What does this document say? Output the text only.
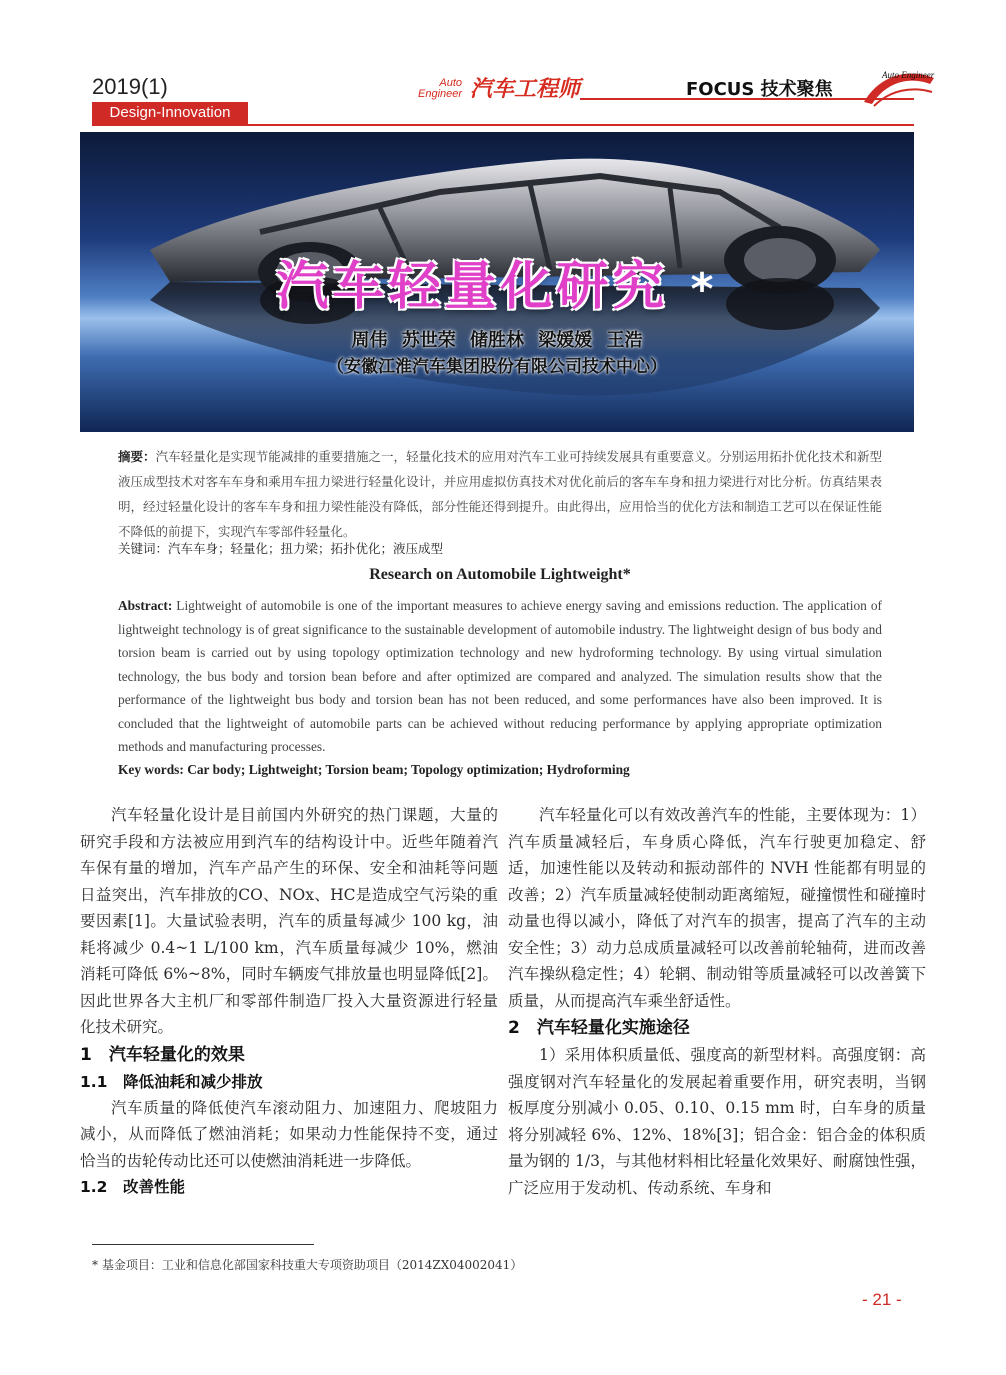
2019(1)	Auto
Engineer 汽车工程师	FOCUS 技术聚焦
Auto Engineer
Design-Innovation
汽车轻量化研究 *
周伟 苏世荣 储胜林 梁媛媛 王浩
（安徽江淮汽车集团股份有限公司技术中心）
摘要：汽车轻量化是实现节能减排的重要措施之一，轻量化技术的应用对汽车工业可持续发展具有重要意义。分别运用拓扑优化技术和新型液压成型技术对客车车身和乘用车扭力梁进行轻量化设计，并应用虚拟仿真技术对优化前后的客车车身和扭力梁进行对比分析。仿真结果表明，经过轻量化设计的客车车身和扭力梁性能没有降低，部分性能还得到提升。由此得出，应用恰当的优化方法和制造工艺可以在保证性能不降低的前提下，实现汽车零部件轻量化。
关键词：汽车车身；轻量化；扭力梁；拓扑优化；液压成型
Research on Automobile Lightweight*
Abstract: Lightweight of automobile is one of the important measures to achieve energy saving and emissions reduction. The application of lightweight technology is of great significance to the sustainable development of automobile industry. The lightweight design of bus body and torsion beam is carried out by using topology optimization technology and new hydroforming technology. By using virtual simulation technology, the bus body and torsion bean before and after optimized are compared and analyzed. The simulation results show that the performance of the lightweight bus body and torsion bean has not been reduced, and some performances have also been improved. It is concluded that the lightweight of automobile parts can be achieved without reducing performance by applying appropriate optimization methods and manufacturing processes.
Key words: Car body; Lightweight; Torsion beam; Topology optimization; Hydroforming

汽车轻量化设计是目前国内外研究的热门课题，大量的研究手段和方法被应用到汽车的结构设计中。近些年随着汽车保有量的增加，汽车产品产生的环保、安全和油耗等问题日益突出，汽车排放的CO、NOx、HC是造成空气污染的重要因素[1]。大量试验表明，汽车的质量每减少 100 kg，油耗将减少 0.4~1 L/100 km，汽车质量每减少 10%，燃油消耗可降低 6%~8%，同时车辆废气排放量也明显降低[2]。因此世界各大主机厂和零部件制造厂投入大量资源进行轻量化技术研究。

1　汽车轻量化的效果
1.1　降低油耗和减少排放

汽车质量的降低使汽车滚动阻力、加速阻力、爬坡阻力减小，从而降低了燃油消耗；如果动力性能保持不变，通过恰当的齿轮传动比还可以使燃油消耗进一步降低。

1.2　改善性能

汽车轻量化可以有效改善汽车的性能，主要体现为：1）汽车质量减轻后，车身质心降低，汽车行驶更加稳定、舒适，加速性能以及转动和振动部件的 NVH 性能都有明显的改善；2）汽车质量减轻使制动距离缩短，碰撞惯性和碰撞时动量也得以减小，降低了对汽车的损害，提高了汽车的主动安全性；3）动力总成质量减轻可以改善前轮轴荷，进而改善汽车操纵稳定性；4）轮辋、制动钳等质量减轻可以改善簧下质量，从而提高汽车乘坐舒适性。

2　汽车轻量化实施途径

1）采用体积质量低、强度高的新型材料。高强度钢：高强度钢对汽车轻量化的发展起着重要作用，研究表明，当钢板厚度分别减小 0.05、0.10、0.15 mm 时，白车身的质量将分别减轻 6%、12%、18%[3]；铝合金：铝合金的体积质量为钢的 1/3，与其他材料相比轻量化效果好、耐腐蚀性强，广泛应用于发动机、传动系统、车身和

* 基金项目：工业和信息化部国家科技重大专项资助项目（2014ZX04002041）
- 21 -
